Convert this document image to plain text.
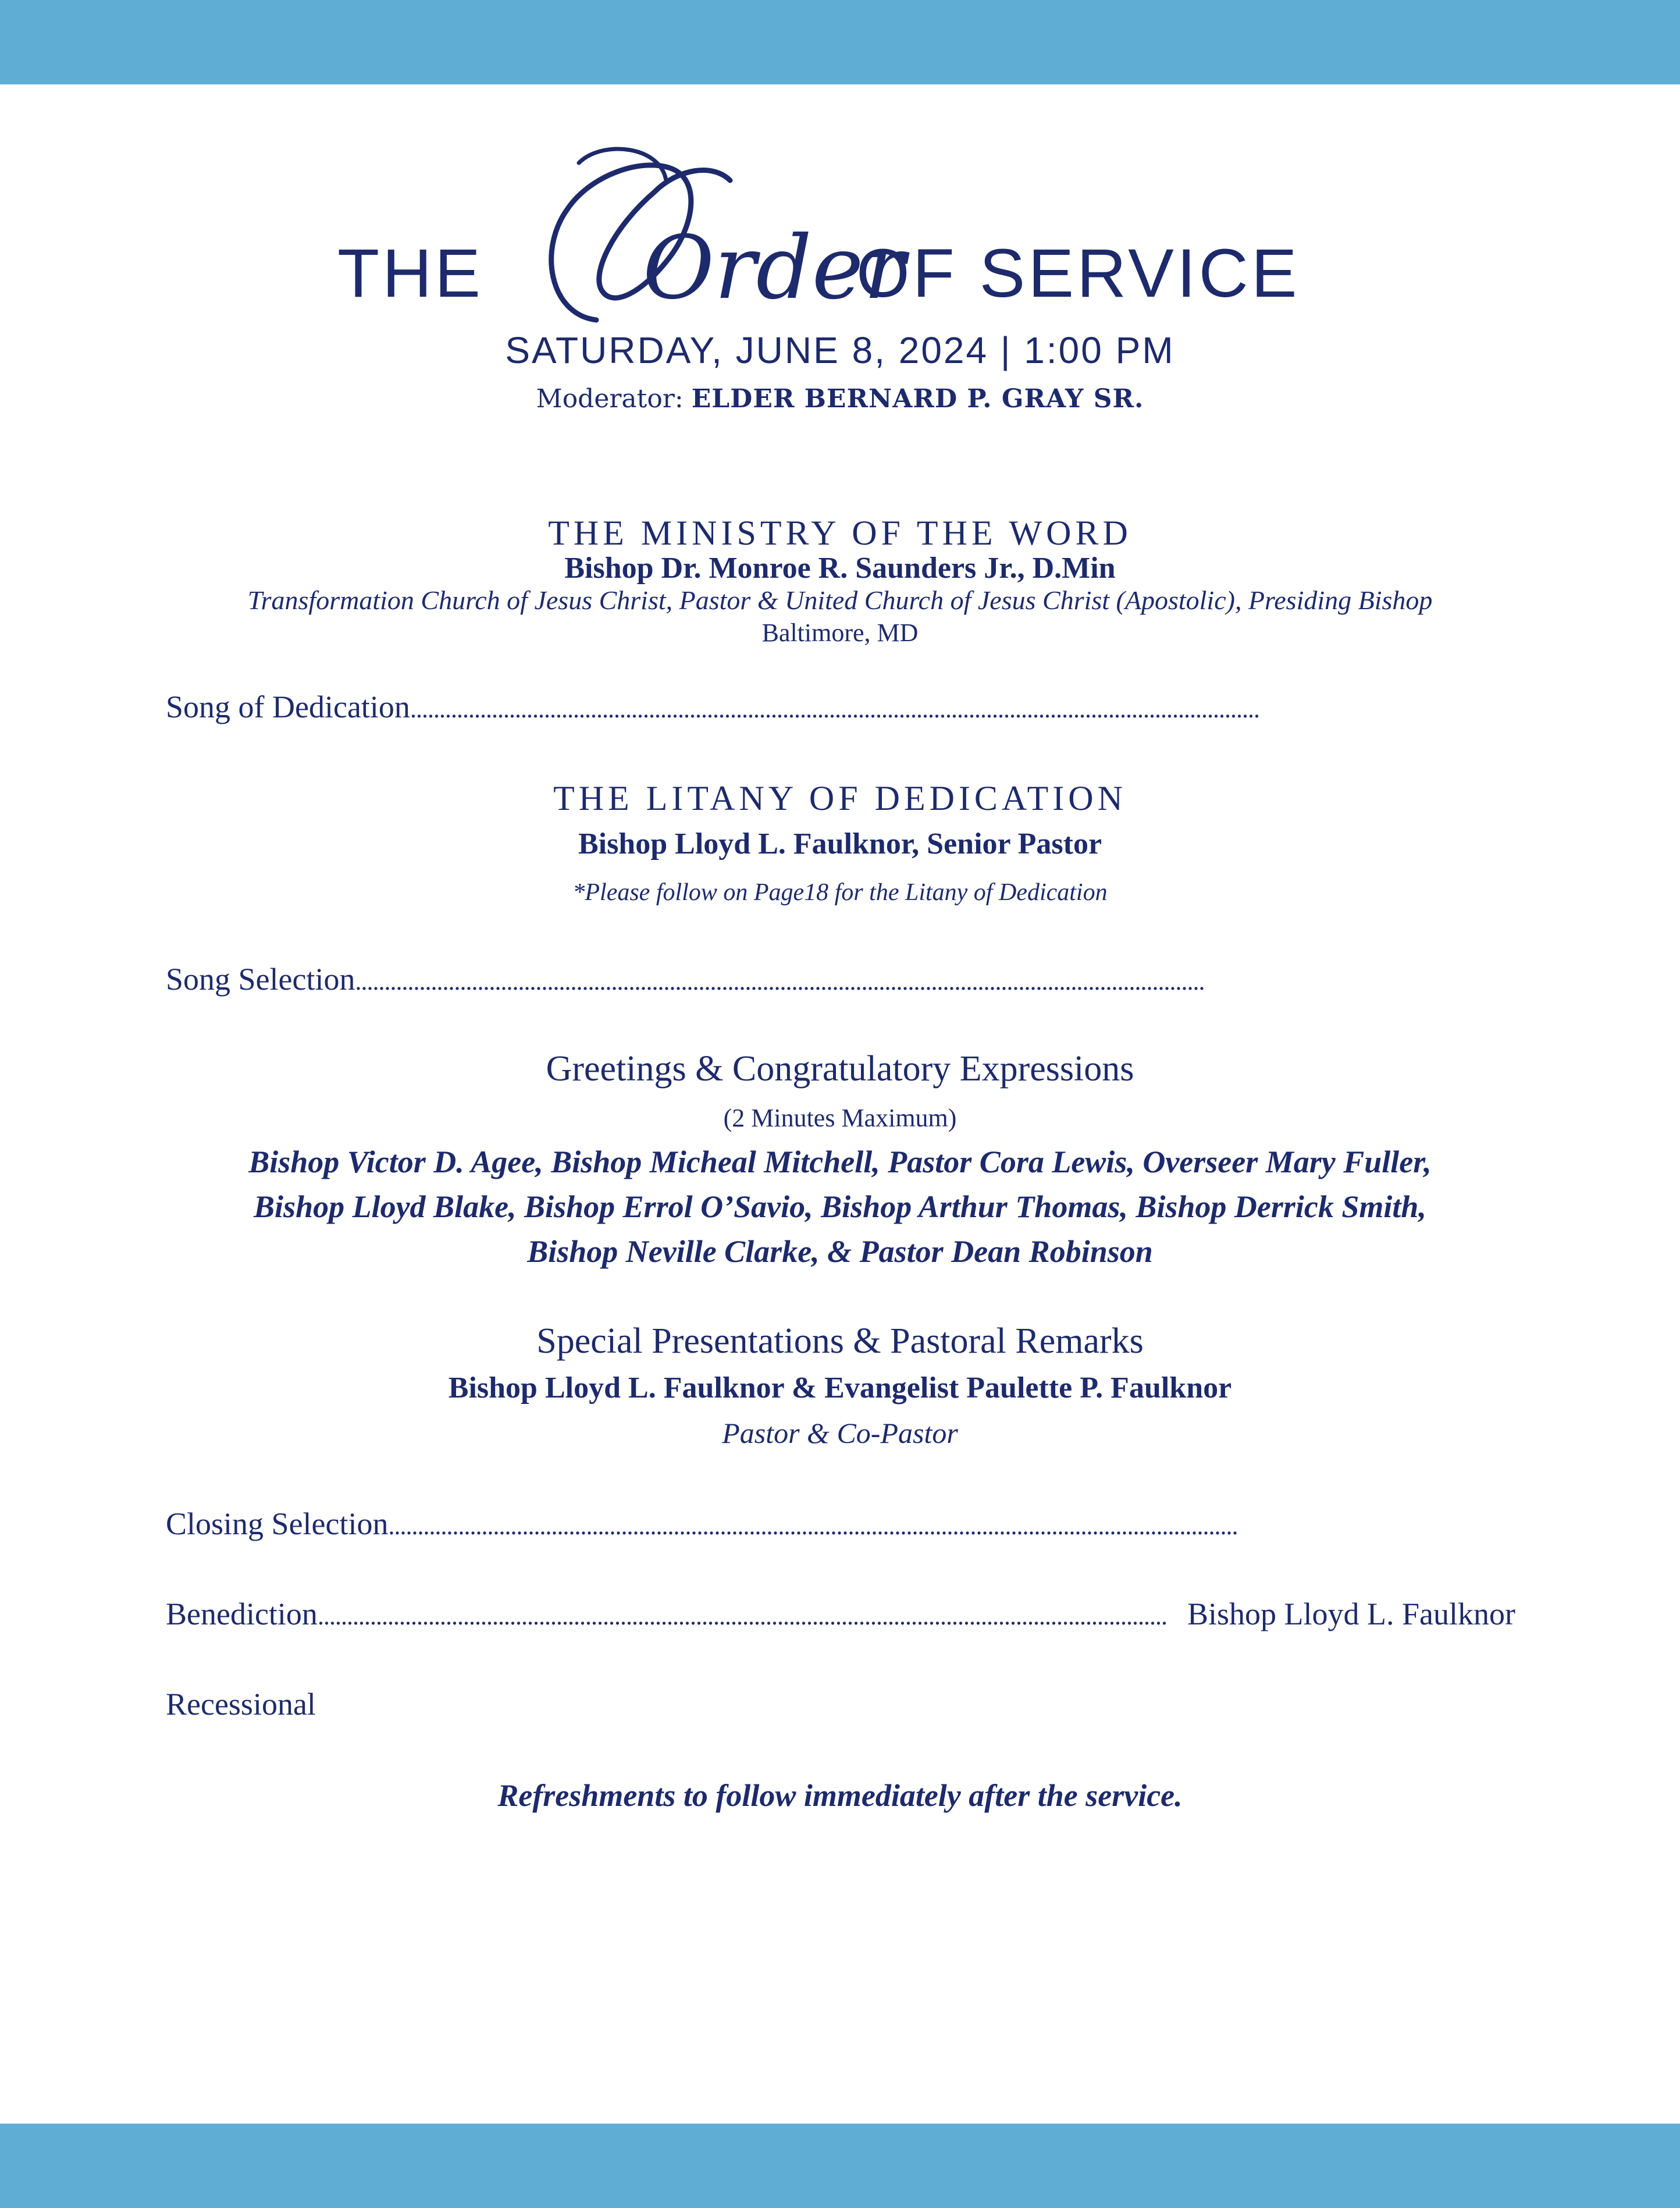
THE Order
OF SERVICE
SATURDAY, JUNE 8, 2024 | 1:00 PM
Moderator: ELDER BERNARD P. GRAY SR.
THE MINISTRY OF THE WORD
Bishop Dr. Monroe R. Saunders Jr., D.Min
Transformation Church of Jesus Christ, Pastor & United Church of Jesus Christ (Apostolic), Presiding Bishop
Baltimore, MD
Song of Dedication
. . .
THE LITANY OF DEDICATION
Bishop Lloyd L. Faulknor, Senior Pastor
*Please follow on Page18 for the Litany of Dedication
Song Selection
. . .
Greetings & Congratulatory Expressions
(2 Minutes Maximum)
Bishop Victor D. Agee, Bishop Micheal Mitchell, Pastor Cora Lewis, Overseer Mary Fuller,
Bishop Lloyd Blake, Bishop Errol O’Savio, Bishop Arthur Thomas, Bishop Derrick Smith,
Bishop Neville Clarke, & Pastor Dean Robinson
Special Presentations & Pastoral Remarks
Bishop Lloyd L. Faulknor & Evangelist Paulette P. Faulknor
Pastor & Co-Pastor
Closing Selection
. . .
Benediction
. . .	Bishop Lloyd L. Faulknor
Recessional
Refreshments to follow immediately after the service.
